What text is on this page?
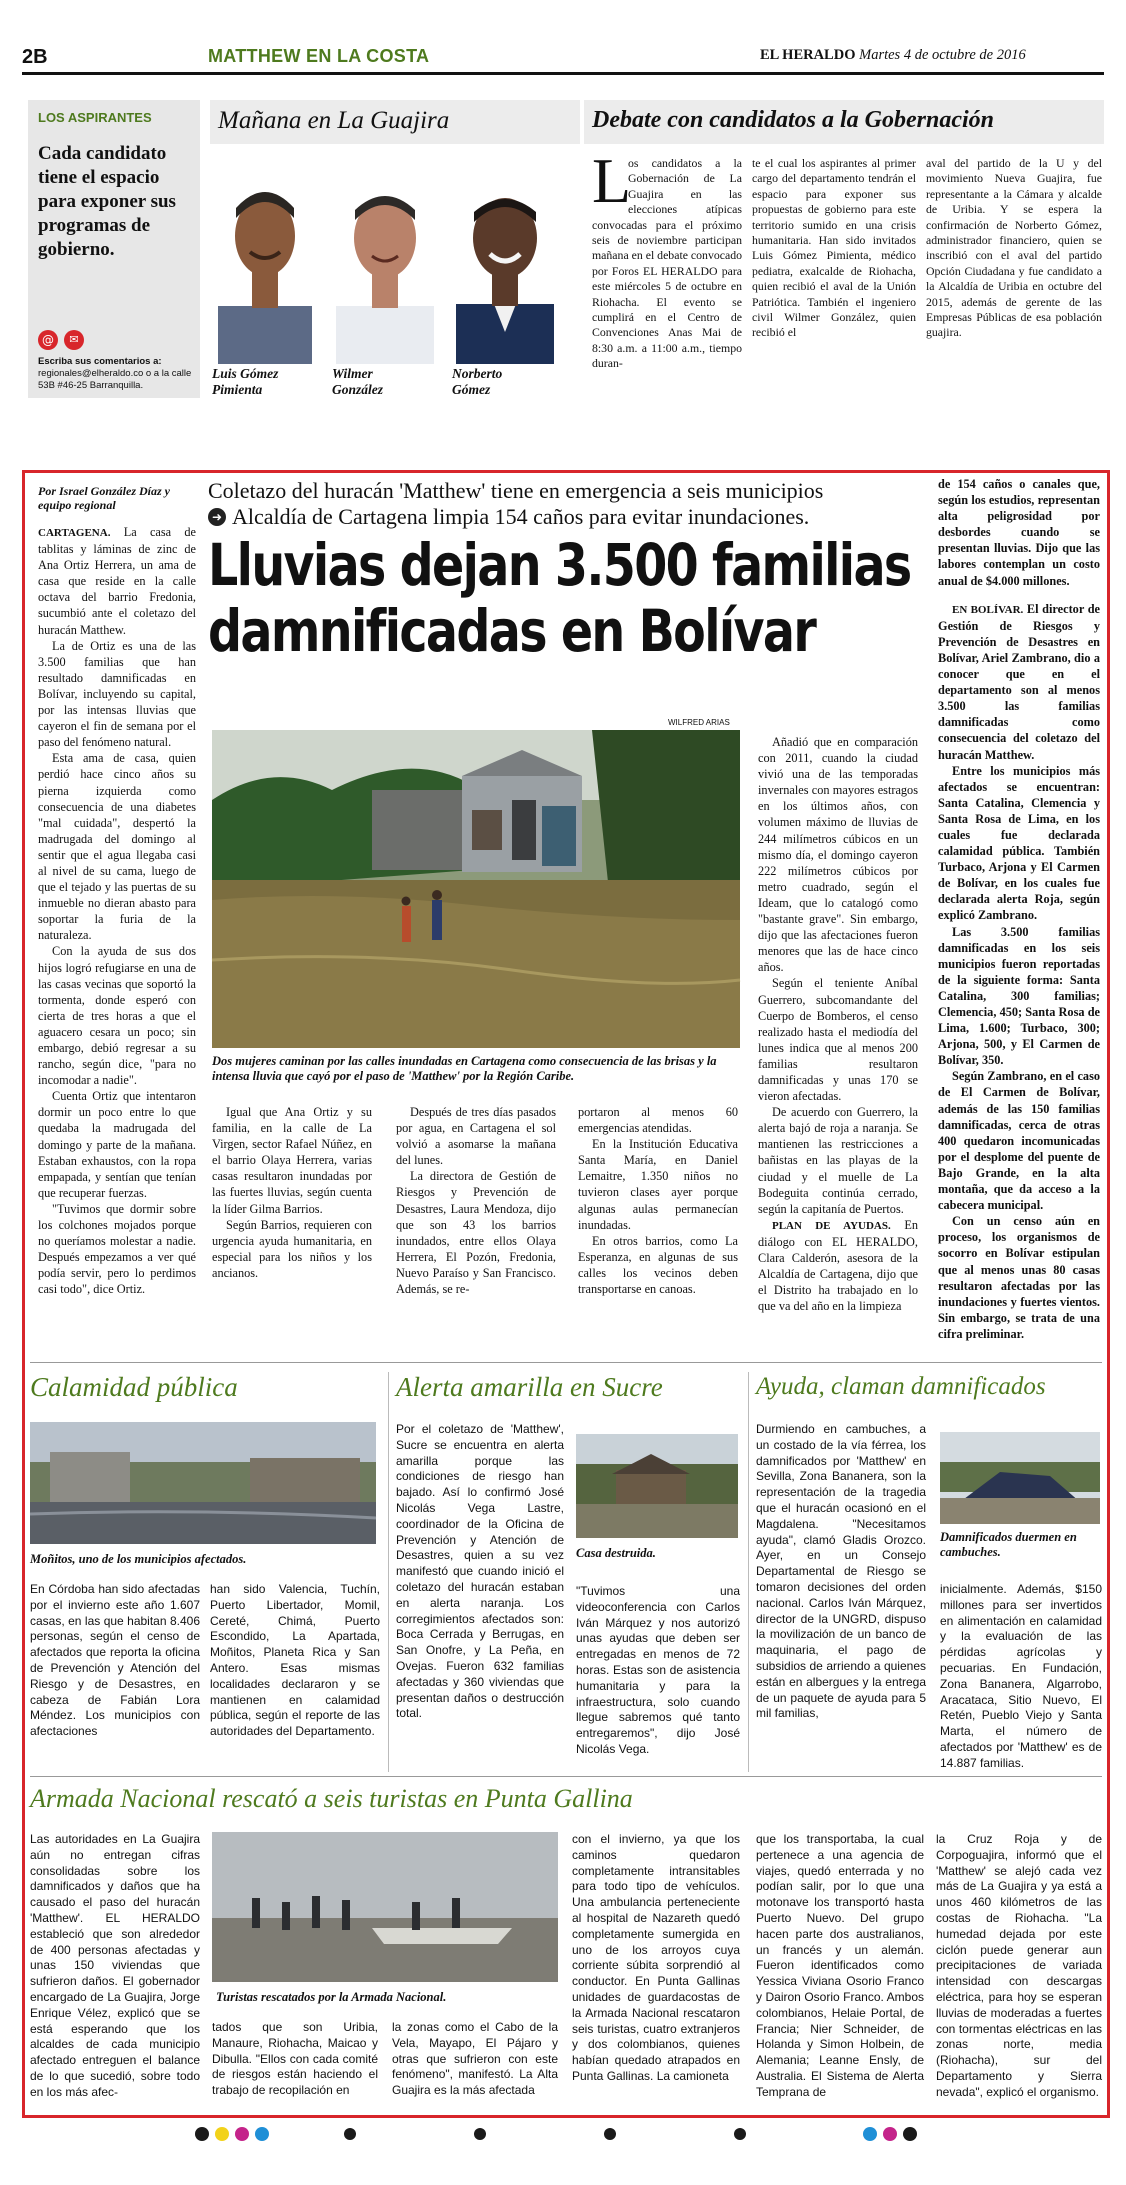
2B	MATTHEW EN LA COSTA	EL HERALDO Martes 4 de octubre de 2016
LOS ASPIRANTES
Cada candidato tiene el espacio para exponer sus programas de gobierno.
@	✉
Escriba sus comentarios a:
regionales@elheraldo.co o a la calle 53B #46-25 Barranquilla.
Mañana en La Guajira
Luis Gómez
Pimienta
Wilmer
González
Norberto
Gómez
Debate con candidatos a la Gobernación
L

os candidatos a la Gobernación de La Guajira en las elecciones atípicas convocadas para el próximo seis de noviembre participan mañana en el debate convocado por Foros EL HERALDO para este miércoles 5 de octubre en Riohacha. El evento se cumplirá en el Centro de Convenciones Anas Mai de 8:30 a.m. a 11:00 a.m., tiempo duran-

te el cual los aspirantes al primer cargo del departamento tendrán el espacio para exponer sus propuestas de gobierno para este territorio sumido en una crisis humanitaria. Han sido invitados Luis Gómez Pimienta, médico pediatra, exalcalde de Riohacha, quien recibió el aval de la Unión Patriótica. También el ingeniero civil Wilmer González, quien recibió el

aval del partido de la U y del movimiento Nueva Guajira, fue representante a la Cámara y alcalde de Uribia. Y se espera la confirmación de Norberto Gómez, administrador financiero, quien se inscribió con el aval del partido Opción Ciudadana y fue candidato a la Alcaldía de Uribia en octubre del 2015, además de gerente de las Empresas Públicas de esa población guajira.

Por Israel González Díaz y
equipo regional
Coletazo del huracán 'Matthew' tiene en emergencia a seis municipios
➜ Alcaldía de Cartagena limpia 154 caños para evitar inundaciones.
Lluvias dejan 3.500 familias
damnificadas en Bolívar

CARTAGENA. La casa de tablitas y láminas de zinc de Ana Ortiz Herrera, un ama de casa que reside en la calle octava del barrio Fredonia, sucumbió ante el coletazo del huracán Matthew.

La de Ortiz es una de las 3.500 familias que han resultado damnificadas en Bolívar, incluyendo su capital, por las intensas lluvias que cayeron el fin de semana por el paso del fenómeno natural.

Esta ama de casa, quien perdió hace cinco años su pierna izquierda como consecuencia de una diabetes "mal cuidada", despertó la madrugada del domingo al sentir que el agua llegaba casi al nivel de su cama, luego de que el tejado y las puertas de su inmueble no dieran abasto para soportar la furia de la naturaleza.

Con la ayuda de sus dos hijos logró refugiarse en una de las casas vecinas que soportó la tormenta, donde esperó con cierta de tres horas a que el aguacero cesara un poco; sin embargo, debió regresar a su rancho, según dice, "para no incomodar a nadie".

Cuenta Ortiz que intentaron dormir un poco entre lo que quedaba la madrugada del domingo y parte de la mañana. Estaban exhaustos, con la ropa empapada, y sentían que tenían que recuperar fuerzas.

"Tuvimos que dormir sobre los colchones mojados porque no queríamos molestar a nadie. Después empezamos a ver qué podía servir, pero lo perdimos casi todo", dice Ortiz.

WILFRED ARIAS
Dos mujeres caminan por las calles inundadas en Cartagena como consecuencia de las brisas y la intensa lluvia que cayó por el paso de 'Matthew' por la Región Caribe.

Igual que Ana Ortiz y su familia, en la calle de La Virgen, sector Rafael Núñez, en el barrio Olaya Herrera, varias casas resultaron inundadas por las fuertes lluvias, según cuenta la líder Gilma Barrios.

Según Barrios, requieren con urgencia ayuda humanitaria, en especial para los niños y los ancianos.

Después de tres días pasados por agua, en Cartagena el sol volvió a asomarse la mañana del lunes.

La directora de Gestión de Riesgos y Prevención de Desastres, Laura Mendoza, dijo que son 43 los barrios inundados, entre ellos Olaya Herrera, El Pozón, Fredonia, Nuevo Paraíso y San Francisco. Además, se re-

portaron al menos 60 emergencias atendidas.

En la Institución Educativa Santa María, en Daniel Lemaitre, 1.350 niños no tuvieron clases ayer porque algunas aulas permanecían inundadas.

En otros barrios, como La Esperanza, en algunas de sus calles los vecinos deben transportarse en canoas.

Añadió que en comparación con 2011, cuando la ciudad vivió una de las temporadas invernales con mayores estragos en los últimos años, con volumen máximo de lluvias de 244 milímetros cúbicos en un mismo día, el domingo cayeron 222 milímetros cúbicos por metro cuadrado, según el Ideam, que lo catalogó como "bastante grave". Sin embargo, dijo que las afectaciones fueron menores que las de hace cinco años.

Según el teniente Aníbal Guerrero, subcomandante del Cuerpo de Bomberos, el censo realizado hasta el mediodía del lunes indica que al menos 200 familias resultaron damnificadas y unas 170 se vieron afectadas.

De acuerdo con Guerrero, la alerta bajó de roja a naranja. Se mantienen las restricciones a bañistas en las playas de la ciudad y el muelle de La Bodeguita continúa cerrado, según la capitanía de Puertos.

PLAN DE AYUDAS. En diálogo con EL HERALDO, Clara Calderón, asesora de la Alcaldía de Cartagena, dijo que el Distrito ha trabajado en lo que va del año en la limpieza

de 154 caños o canales que, según los estudios, representan alta peligrosidad por desbordes cuando se presentan lluvias. Dijo que las labores contemplan un costo anual de $4.000 millones.

EN BOLÍVAR. El director de Gestión de Riesgos y Prevención de Desastres en Bolívar, Ariel Zambrano, dio a conocer que en el departamento son al menos 3.500 las familias damnificadas como consecuencia del coletazo del huracán Matthew.

Entre los municipios más afectados se encuentran: Santa Catalina, Clemencia y Santa Rosa de Lima, en los cuales fue declarada calamidad pública. También Turbaco, Arjona y El Carmen de Bolívar, en los cuales fue declarada alerta Roja, según explicó Zambrano.

Las 3.500 familias damnificadas en los seis municipios fueron reportadas de la siguiente forma: Santa Catalina, 300 familias; Clemencia, 450; Santa Rosa de Lima, 1.600; Turbaco, 300; Arjona, 500, y El Carmen de Bolívar, 350.

Según Zambrano, en el caso de El Carmen de Bolívar, además de las 150 familias damnificadas, cerca de otras 400 quedaron incomunicadas por el desplome del puente de Bajo Grande, en la alta montaña, que da acceso a la cabecera municipal.

Con un censo aún en proceso, los organismos de socorro en Bolívar estipulan que al menos unas 80 casas resultaron afectadas por las inundaciones y fuertes vientos. Sin embargo, se trata de una cifra preliminar.

Calamidad pública
Moñitos, uno de los municipios afectados.

En Córdoba han sido afectadas por el invierno este año 1.607 casas, en las que habitan 8.406 personas, según el censo de afectados que reporta la oficina de Prevención y Atención del Riesgo y de Desastres, en cabeza de Fabián Lora Méndez. Los municipios con afectaciones

han sido Valencia, Tuchín, Puerto Libertador, Momil, Cereté, Chimá, Puerto Escondido, La Apartada, Moñitos, Planeta Rica y San Antero. Esas mismas localidades declararon y se mantienen en calamidad pública, según el reporte de las autoridades del Departamento.

Alerta amarilla en Sucre

Por el coletazo de 'Matthew', Sucre se encuentra en alerta amarilla porque las condiciones de riesgo han bajado. Así lo confirmó José Nicolás Vega Lastre, coordinador de la Oficina de Prevención y Atención de Desastres, quien a su vez manifestó que cuando inició el coletazo del huracán estaban en alerta naranja. Los corregimientos afectados son: Boca Cerrada y Berrugas, en San Onofre, y La Peña, en Ovejas. Fueron 632 familias afectadas y 360 viviendas que presentan daños o destrucción total.

Casa destruida.

"Tuvimos una videoconferencia con Carlos Iván Márquez y nos autorizó unas ayudas que deben ser entregadas en menos de 72 horas. Estas son de asistencia humanitaria y para la infraestructura, solo cuando llegue sabremos qué tanto entregaremos", dijo José Nicolás Vega.

Ayuda, claman damnificados

Durmiendo en cambuches, a un costado de la vía férrea, los damnificados por 'Matthew' en Sevilla, Zona Bananera, son la representación de la tragedia que el huracán ocasionó en el Magdalena. "Necesitamos ayuda", clamó Gladis Orozco. Ayer, en un Consejo Departamental de Riesgo se tomaron decisiones del orden nacional. Carlos Iván Márquez, director de la UNGRD, dispuso la movilización de un banco de maquinaria, el pago de subsidios de arriendo a quienes están en albergues y la entrega de un paquete de ayuda para 5 mil familias,

Damnificados duermen en cambuches.

inicialmente. Además, $150 millones para ser invertidos en alimentación en calamidad y la evaluación de las pérdidas agrícolas y pecuarias. En Fundación, Zona Bananera, Algarrobo, Aracataca, Sitio Nuevo, El Retén, Pueblo Viejo y Santa Marta, el número de afectados por 'Matthew' es de 14.887 familias.

Armada Nacional rescató a seis turistas en Punta Gallina

Las autoridades en La Guajira aún no entregan cifras consolidadas sobre los damnificados y daños que ha causado el paso del huracán 'Matthew'. EL HERALDO estableció que son alrededor de 400 personas afectadas y unas 150 viviendas que sufrieron daños. El gobernador encargado de La Guajira, Jorge Enrique Vélez, explicó que se está esperando que los alcaldes de cada municipio afectado entreguen el balance de lo que sucedió, sobre todo en los más afec-

Turistas rescatados por la Armada Nacional.

tados que son Uribia, Manaure, Riohacha, Maicao y Dibulla. "Ellos con cada comité de riesgos están haciendo el trabajo de recopilación en

la zonas como el Cabo de la Vela, Mayapo, El Pájaro y otras que sufrieron con este fenómeno", manifestó. La Alta Guajira es la más afectada

con el invierno, ya que los caminos quedaron completamente intransitables para todo tipo de vehículos. Una ambulancia perteneciente al hospital de Nazareth quedó completamente sumergida en uno de los arroyos cuya corriente súbita sorprendió al conductor. En Punta Gallinas unidades de guardacostas de la Armada Nacional rescataron seis turistas, cuatro extranjeros y dos colombianos, quienes habían quedado atrapados en Punta Gallinas. La camioneta

que los transportaba, la cual pertenece a una agencia de viajes, quedó enterrada y no podían salir, por lo que una motonave los transportó hasta Puerto Nuevo. Del grupo hacen parte dos australianos, un francés y un alemán. Fueron identificados como Yessica Viviana Osorio Franco y Dairon Osorio Franco. Ambos colombianos, Helaie Portal, de Francia; Nier Schneider, de Holanda y Simon Holbein, de Alemania; Leanne Ensly, de Australia. El Sistema de Alerta Temprana de

la Cruz Roja y de Corpoguajira, informó que el 'Matthew' se alejó cada vez más de La Guajira y ya está a unos 460 kilómetros de las costas de Riohacha. "La humedad dejada por este ciclón puede generar aun precipitaciones de variada intensidad con descargas eléctrica, para hoy se esperan lluvias de moderadas a fuertes con tormentas eléctricas en las zonas norte, media (Riohacha), sur del Departamento y Sierra nevada", explicó el organismo.
